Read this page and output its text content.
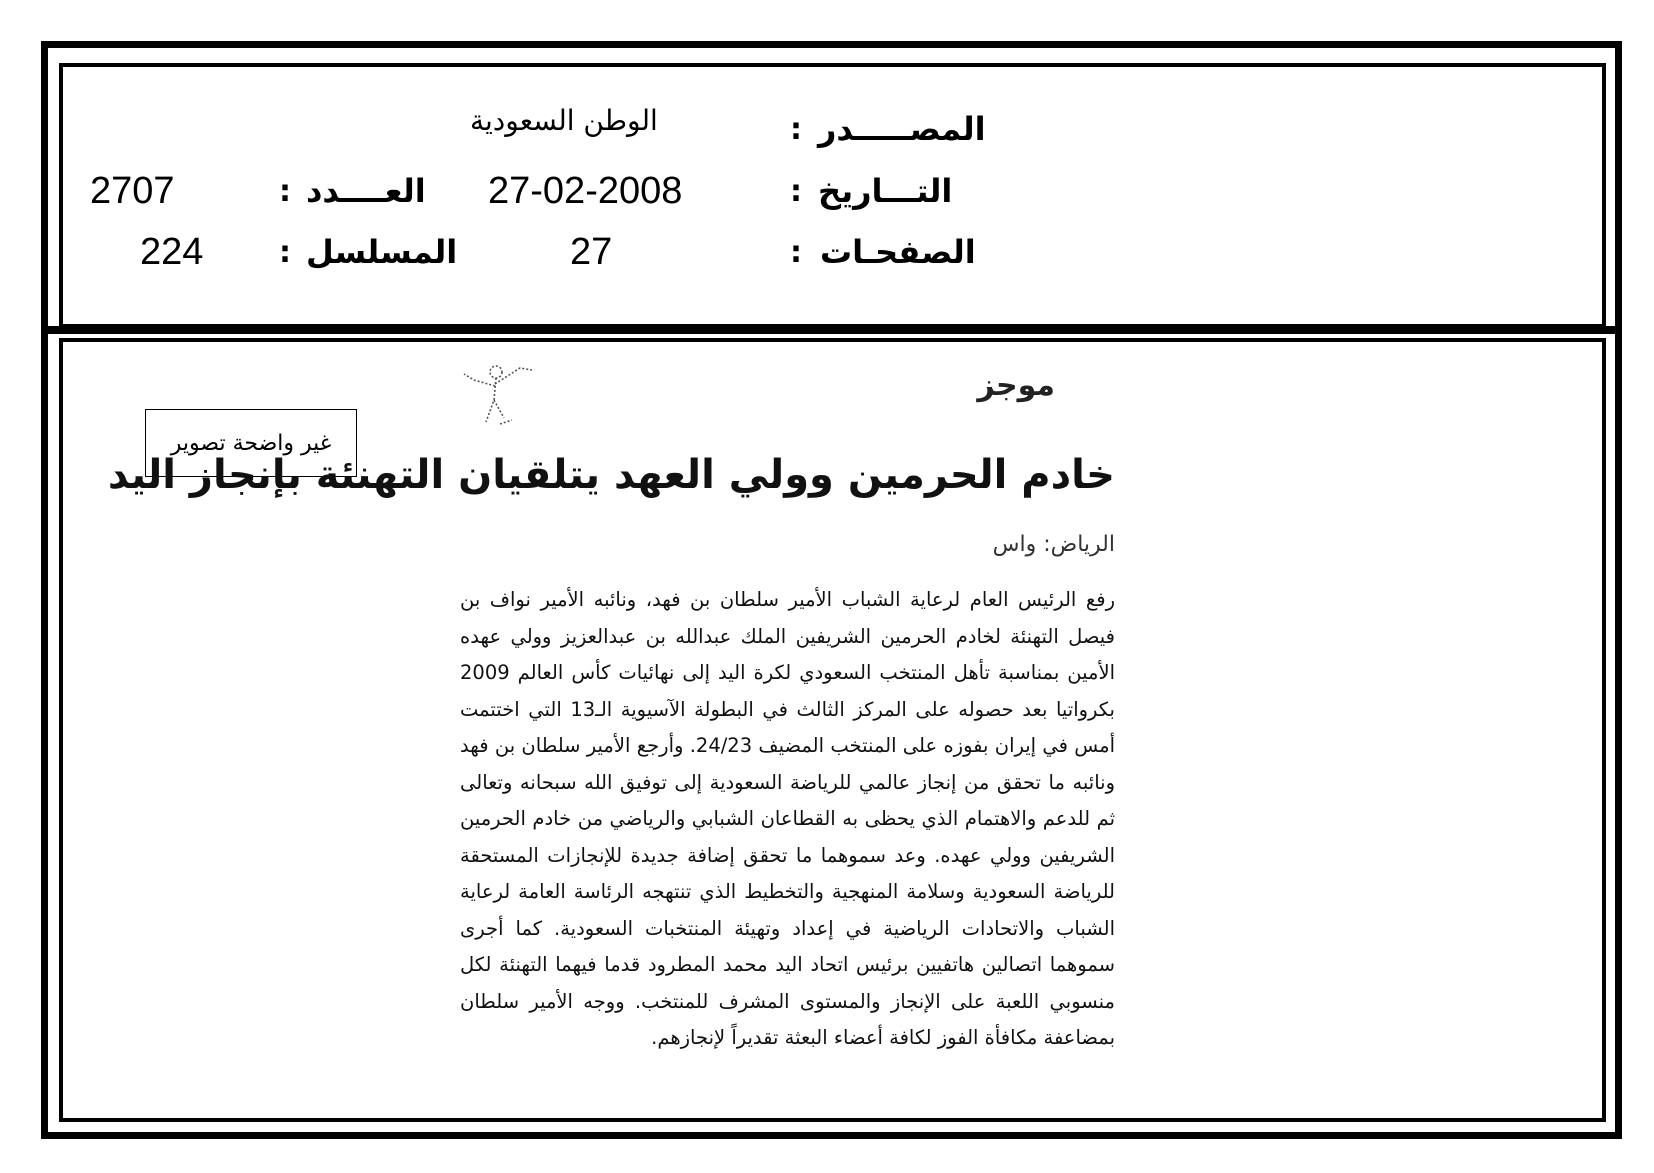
المصـــــدر
:
الوطن السعودية
التـــاريخ
:
27-02-2008
الصفحـات
:
27
العــــدد
:
2707
المسلسل
:
224
غير واضحة تصوير
موجز
خادم الحرمين وولي العهد يتلقيان التهنئة بإنجاز اليد
الرياض: واس

رفع الرئيس العام لرعاية الشباب الأمير سلطان بن فهد، ونائبه الأمير نواف بن فيصل التهنئة لخادم الحرمين الشريفين الملك عبدالله بن عبدالعزيز وولي عهده الأمين بمناسبة تأهل المنتخب السعودي لكرة اليد إلى نهائيات كأس العالم 2009 بكرواتيا بعد حصوله على المركز الثالث في البطولة الآسيوية الـ13 التي اختتمت أمس في إيران بفوزه على المنتخب المضيف 24/23. وأرجع الأمير سلطان بن فهد ونائبه ما تحقق من إنجاز عالمي للرياضة السعودية إلى توفيق الله سبحانه وتعالى ثم للدعم والاهتمام الذي يحظى به القطاعان الشبابي والرياضي من خادم الحرمين الشريفين وولي عهده. وعد سموهما ما تحقق إضافة جديدة للإنجازات المستحقة للرياضة السعودية وسلامة المنهجية والتخطيط الذي تنتهجه الرئاسة العامة لرعاية الشباب والاتحادات الرياضية في إعداد وتهيئة المنتخبات السعودية. كما أجرى سموهما اتصالين هاتفيين برئيس اتحاد اليد محمد المطرود قدما فيهما التهنئة لكل منسوبي اللعبة على الإنجاز والمستوى المشرف للمنتخب. ووجه الأمير سلطان بمضاعفة مكافأة الفوز لكافة أعضاء البعثة تقديراً لإنجازهم.
